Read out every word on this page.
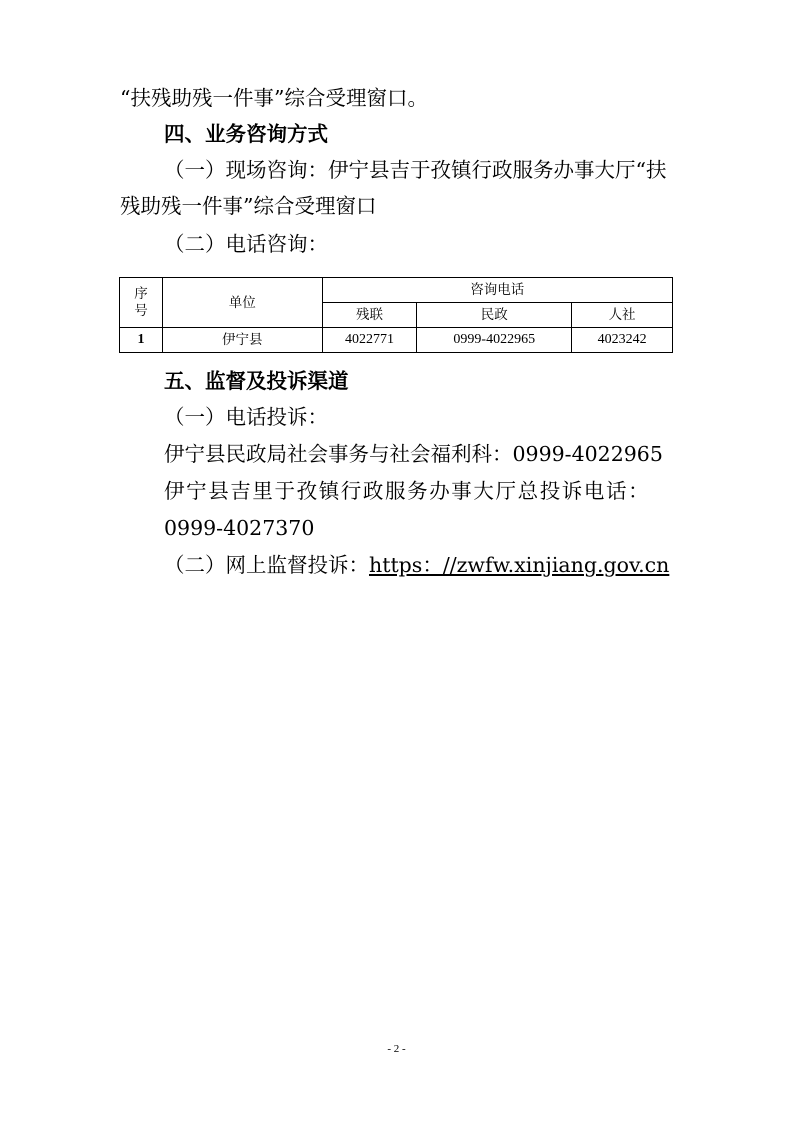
“扶残助残一件事”综合受理窗口。
四、业务咨询方式
（一）现场咨询：伊宁县吉于孜镇行政服务办事大厅“扶
残助残一件事”综合受理窗口
（二）电话咨询：
序号	单位	咨询电话		
		残联	民政	人社
1	伊宁县	4022771	0999-4022965	4023242
五、监督及投诉渠道
（一）电话投诉：
伊宁县民政局社会事务与社会福利科：0999-4022965
伊宁县吉里于孜镇行政服务办事大厅总投诉电话：
0999-4027370
（二）网上监督投诉：https：//zwfw.xinjiang.gov.cn
- 2 -
